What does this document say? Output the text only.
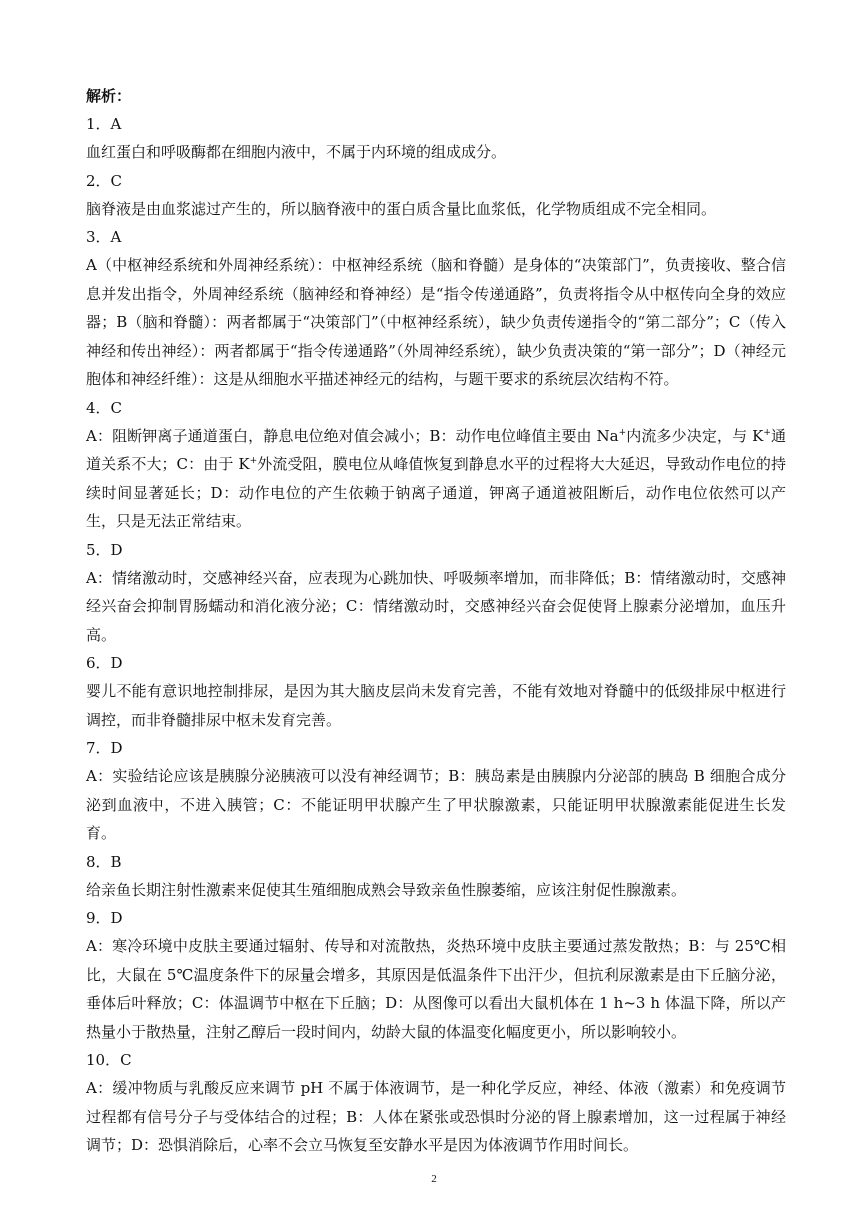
解析：

1．A

血红蛋白和呼吸酶都在细胞内液中，不属于内环境的组成成分。

2．C

脑脊液是由血浆滤过产生的，所以脑脊液中的蛋白质含量比血浆低，化学物质组成不完全相同。

3．A

A（中枢神经系统和外周神经系统）：中枢神经系统（脑和脊髓）是身体的“决策部门”，负责接收、整合信息并发出指令，外周神经系统（脑神经和脊神经）是“指令传递通路”，负责将指令从中枢传向全身的效应器；B（脑和脊髓）：两者都属于“决策部门”（中枢神经系统），缺少负责传递指令的“第二部分”；C（传入神经和传出神经）：两者都属于“指令传递通路”（外周神经系统），缺少负责决策的“第一部分”；D（神经元胞体和神经纤维）：这是从细胞水平描述神经元的结构，与题干要求的系统层次结构不符。

4．C

A：阻断钾离子通道蛋白，静息电位绝对值会减小；B：动作电位峰值主要由 Na+内流多少决定，与 K+通道关系不大；C：由于 K+外流受阻，膜电位从峰值恢复到静息水平的过程将大大延迟，导致动作电位的持续时间显著延长；D：动作电位的产生依赖于钠离子通道，钾离子通道被阻断后，动作电位依然可以产生，只是无法正常结束。

5．D

A：情绪激动时，交感神经兴奋，应表现为心跳加快、呼吸频率增加，而非降低；B：情绪激动时，交感神经兴奋会抑制胃肠蠕动和消化液分泌；C：情绪激动时，交感神经兴奋会促使肾上腺素分泌增加，血压升高。

6．D

婴儿不能有意识地控制排尿，是因为其大脑皮层尚未发育完善，不能有效地对脊髓中的低级排尿中枢进行调控，而非脊髓排尿中枢未发育完善。

7．D

A：实验结论应该是胰腺分泌胰液可以没有神经调节；B：胰岛素是由胰腺内分泌部的胰岛 B 细胞合成分泌到血液中，不进入胰管；C：不能证明甲状腺产生了甲状腺激素，只能证明甲状腺激素能促进生长发育。

8．B

给亲鱼长期注射性激素来促使其生殖细胞成熟会导致亲鱼性腺萎缩，应该注射促性腺激素。

9．D

A：寒冷环境中皮肤主要通过辐射、传导和对流散热，炎热环境中皮肤主要通过蒸发散热；B：与 25℃相比，大鼠在 5℃温度条件下的尿量会增多，其原因是低温条件下出汗少，但抗利尿激素是由下丘脑分泌，垂体后叶释放；C：体温调节中枢在下丘脑；D：从图像可以看出大鼠机体在 1 h~3 h 体温下降，所以产热量小于散热量，注射乙醇后一段时间内，幼龄大鼠的体温变化幅度更小，所以影响较小。

10．C

A：缓冲物质与乳酸反应来调节 pH 不属于体液调节，是一种化学反应，神经、体液（激素）和免疫调节过程都有信号分子与受体结合的过程；B：人体在紧张或恐惧时分泌的肾上腺素增加，这一过程属于神经调节；D：恐惧消除后，心率不会立马恢复至安静水平是因为体液调节作用时间长。

2
